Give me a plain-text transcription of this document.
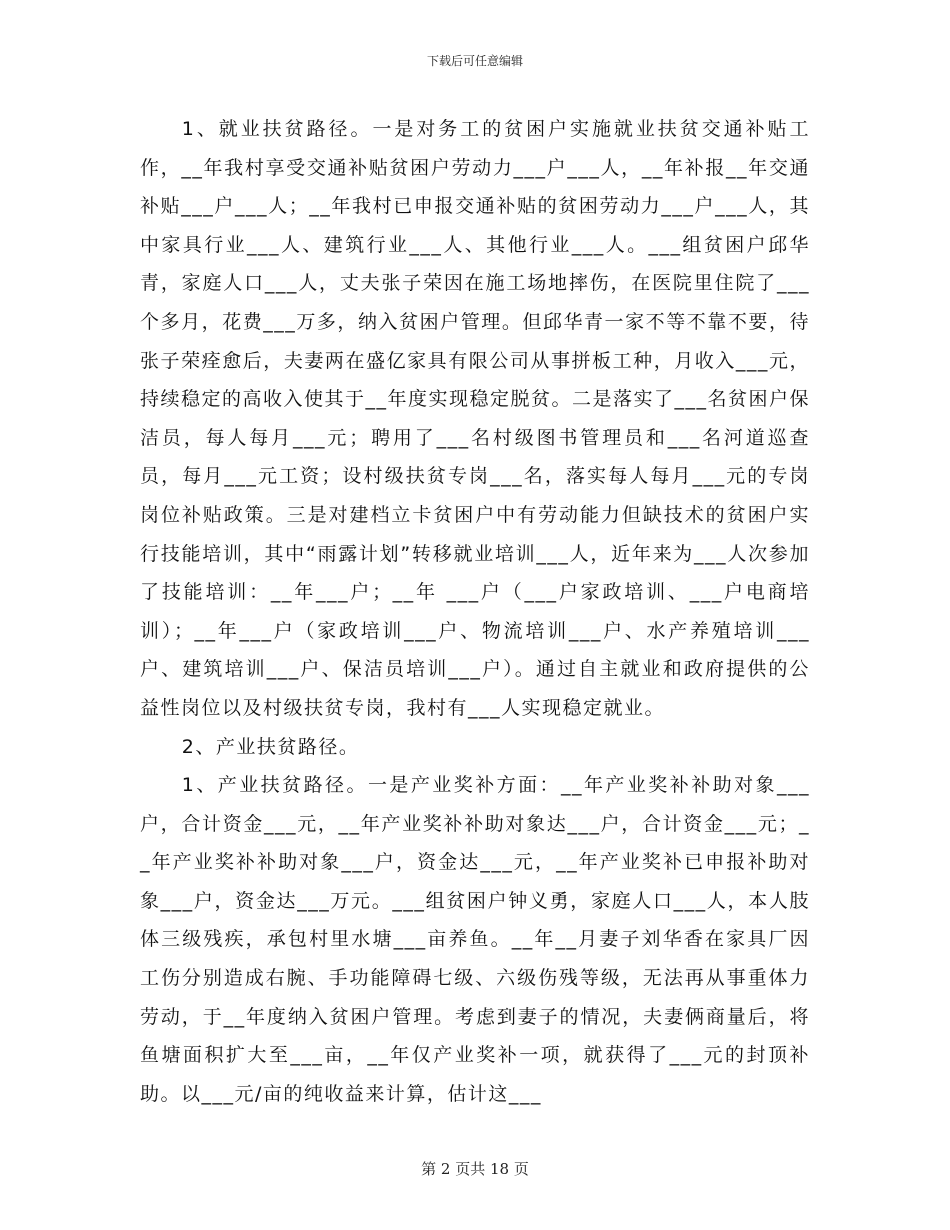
下载后可任意编辑

1、就业扶贫路径。一是对务工的贫困户实施就业扶贫交通补贴工作，__年我村享受交通补贴贫困户劳动力___户___人，__年补报__年交通补贴___户___人；__年我村已申报交通补贴的贫困劳动力___户___人，其中家具行业___人、建筑行业___人、其他行业___人。___组贫困户邱华青，家庭人口___人，丈夫张子荣因在施工场地摔伤，在医院里住院了___个多月，花费___万多，纳入贫困户管理。但邱华青一家不等不靠不要，待张子荣痊愈后，夫妻两在盛亿家具有限公司从事拼板工种，月收入___元，持续稳定的高收入使其于__年度实现稳定脱贫。二是落实了___名贫困户保洁员，每人每月___元；聘用了___名村级图书管理员和___名河道巡查员，每月___元工资；设村级扶贫专岗___名，落实每人每月___元的专岗岗位补贴政策。三是对建档立卡贫困户中有劳动能力但缺技术的贫困户实行技能培训，其中“雨露计划”转移就业培训___人，近年来为___人次参加了技能培训：__年___户；__年 ___户（___户家政培训、___户电商培训）；__年___户（家政培训___户、物流培训___户、水产养殖培训___户、建筑培训___户、保洁员培训___户）。通过自主就业和政府提供的公益性岗位以及村级扶贫专岗，我村有___人实现稳定就业。

2、产业扶贫路径。

1、产业扶贫路径。一是产业奖补方面：__年产业奖补补助对象___户，合计资金___元，__年产业奖补补助对象达___户，合计资金___元；__年产业奖补补助对象___户，资金达___元，__年产业奖补已申报补助对象___户，资金达___万元。___组贫困户钟义勇，家庭人口___人，本人肢体三级残疾，承包村里水塘___亩养鱼。__年__月妻子刘华香在家具厂因工伤分别造成右腕、手功能障碍七级、六级伤残等级，无法再从事重体力劳动，于__年度纳入贫困户管理。考虑到妻子的情况，夫妻俩商量后，将鱼塘面积扩大至___亩，__年仅产业奖补一项，就获得了___元的封顶补助。以___元/亩的纯收益来计算，估计这___

第 2 页共 18 页
